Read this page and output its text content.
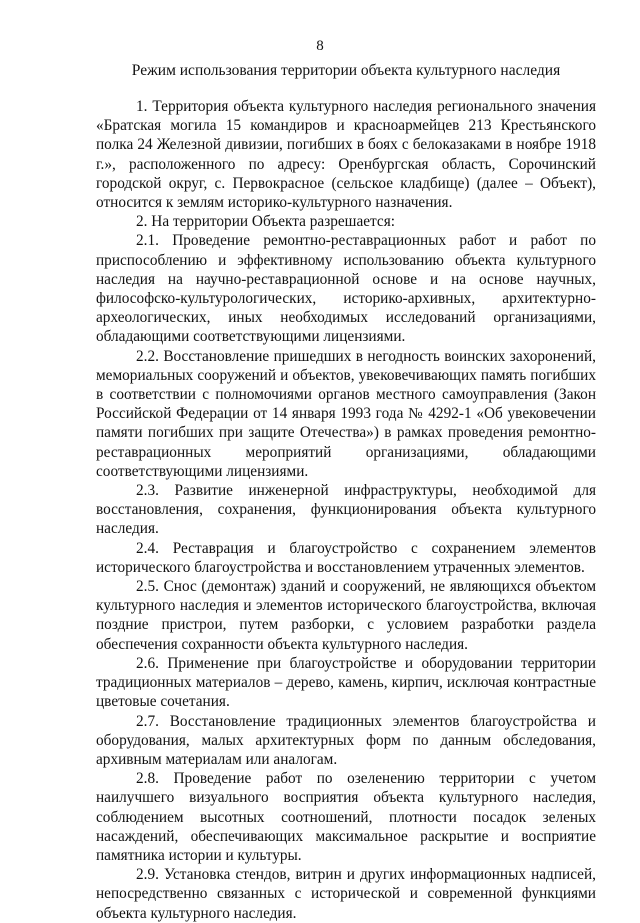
8
Режим использования территории объекта культурного наследия

1. Территория объекта культурного наследия регионального значения «Братская могила 15 командиров и красноармейцев 213 Крестьянского полка 24 Железной дивизии, погибших в боях с белоказаками в ноябре 1918 г.», расположенного по адресу: Оренбургская область, Сорочинский городской округ, с. Первокрасное (сельское кладбище) (далее – Объект), относится к землям историко-культурного назначения.

2. На территории Объекта разрешается:

2.1. Проведение ремонтно-реставрационных работ и работ по приспособлению и эффективному использованию объекта культурного наследия на научно-реставрационной основе и на основе научных, философско-культурологических, историко-архивных, архитектурно-археологических, иных необходимых исследований организациями, обладающими соответствующими лицензиями.

2.2. Восстановление пришедших в негодность воинских захоронений, мемориальных сооружений и объектов, увековечивающих память погибших в соответствии с полномочиями органов местного самоуправления (Закон Российской Федерации от 14 января 1993 года № 4292-1 «Об увековечении памяти погибших при защите Отечества») в рамках проведения ремонтно-реставрационных мероприятий организациями, обладающими соответствующими лицензиями.

2.3. Развитие инженерной инфраструктуры, необходимой для восстановления, сохранения, функционирования объекта культурного наследия.

2.4. Реставрация и благоустройство с сохранением элементов исторического благоустройства и восстановлением утраченных элементов.

2.5. Снос (демонтаж) зданий и сооружений, не являющихся объектом культурного наследия и элементов исторического благоустройства, включая поздние пристрои, путем разборки, с условием разработки раздела обеспечения сохранности объекта культурного наследия.

2.6. Применение при благоустройстве и оборудовании территории традиционных материалов – дерево, камень, кирпич, исключая контрастные цветовые сочетания.

2.7. Восстановление традиционных элементов благоустройства и оборудования, малых архитектурных форм по данным обследования, архивным материалам или аналогам.

2.8. Проведение работ по озеленению территории с учетом наилучшего визуального восприятия объекта культурного наследия, соблюдением высотных соотношений, плотности посадок зеленых насаждений, обеспечивающих максимальное раскрытие и восприятие памятника истории и культуры.

2.9. Установка стендов, витрин и других информационных надписей, непосредственно связанных с исторической и современной функциями объекта культурного наследия.
